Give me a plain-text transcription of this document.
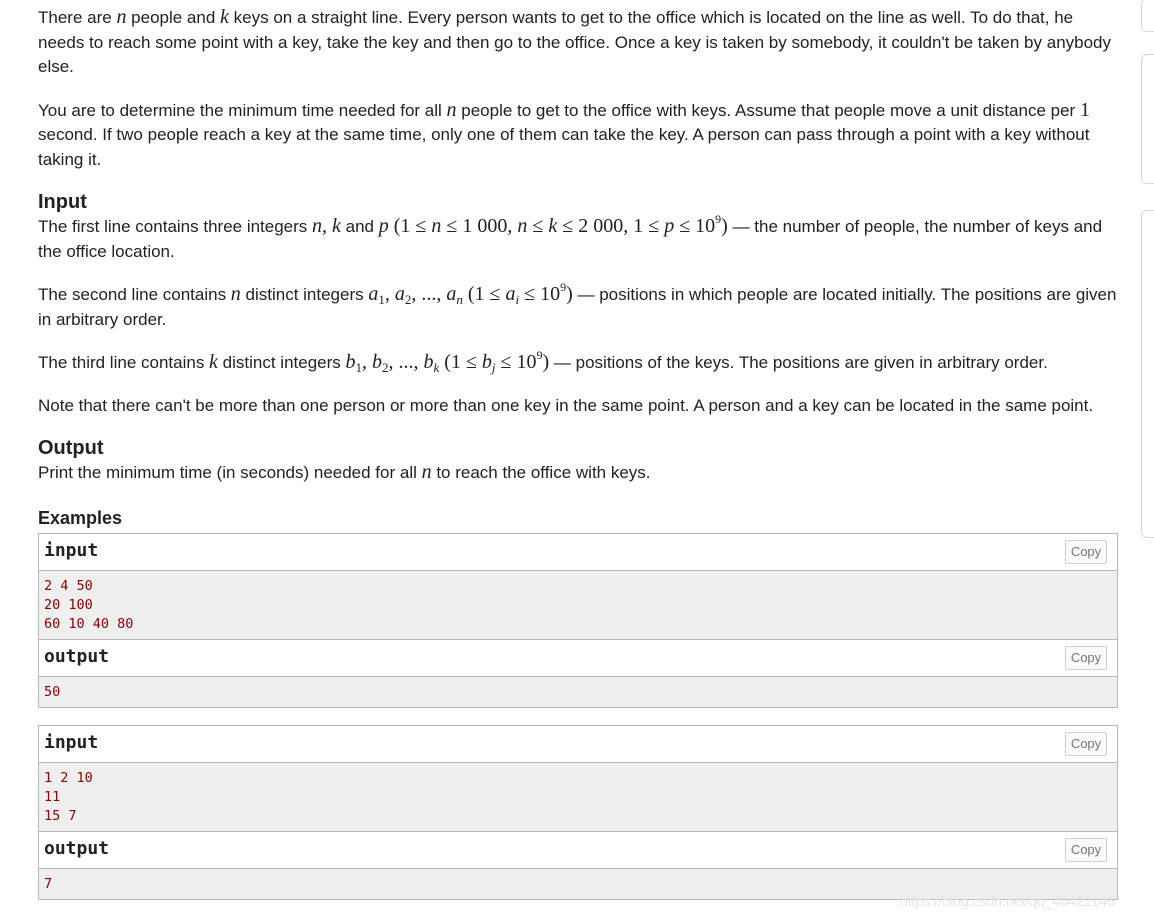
There are n people and k keys on a straight line. Every person wants to get to the office which is located on the line as well. To do that, he needs to reach some point with a key, take the key and then go to the office. Once a key is taken by somebody, it couldn't be taken by anybody else.

You are to determine the minimum time needed for all n people to get to the office with keys. Assume that people move a unit distance per 1 second. If two people reach a key at the same time, only one of them can take the key. A person can pass through a point with a key without taking it.

Input

The first line contains three integers n, k and p (1 ≤ n ≤ 1 000, n ≤ k ≤ 2 000, $1 \le p \le 10^9$) — the number of people, the number of keys and the office location.

The second line contains n distinct integers $a_1$, $a_2$, ..., $a_n$ $(1 \le a_i \le 10^9)$ — positions in which people are located initially. The positions are given in arbitrary order.

The third line contains k distinct integers $b_1$, $b_2$, ..., $b_k$ $(1 \le b_j \le 10^9)$ — positions of the keys. The positions are given in arbitrary order.

Note that there can't be more than one person or more than one key in the same point. A person and a key can be located in the same point.

Output

Print the minimum time (in seconds) needed for all n to reach the office with keys.

Examples
input	Copy
2 4 50
20 100
60 10 40 80
output	Copy
50
input	Copy
1 2 10
11
15 7
output	Copy
7
https://blog.csdn.net/qq_40422146
